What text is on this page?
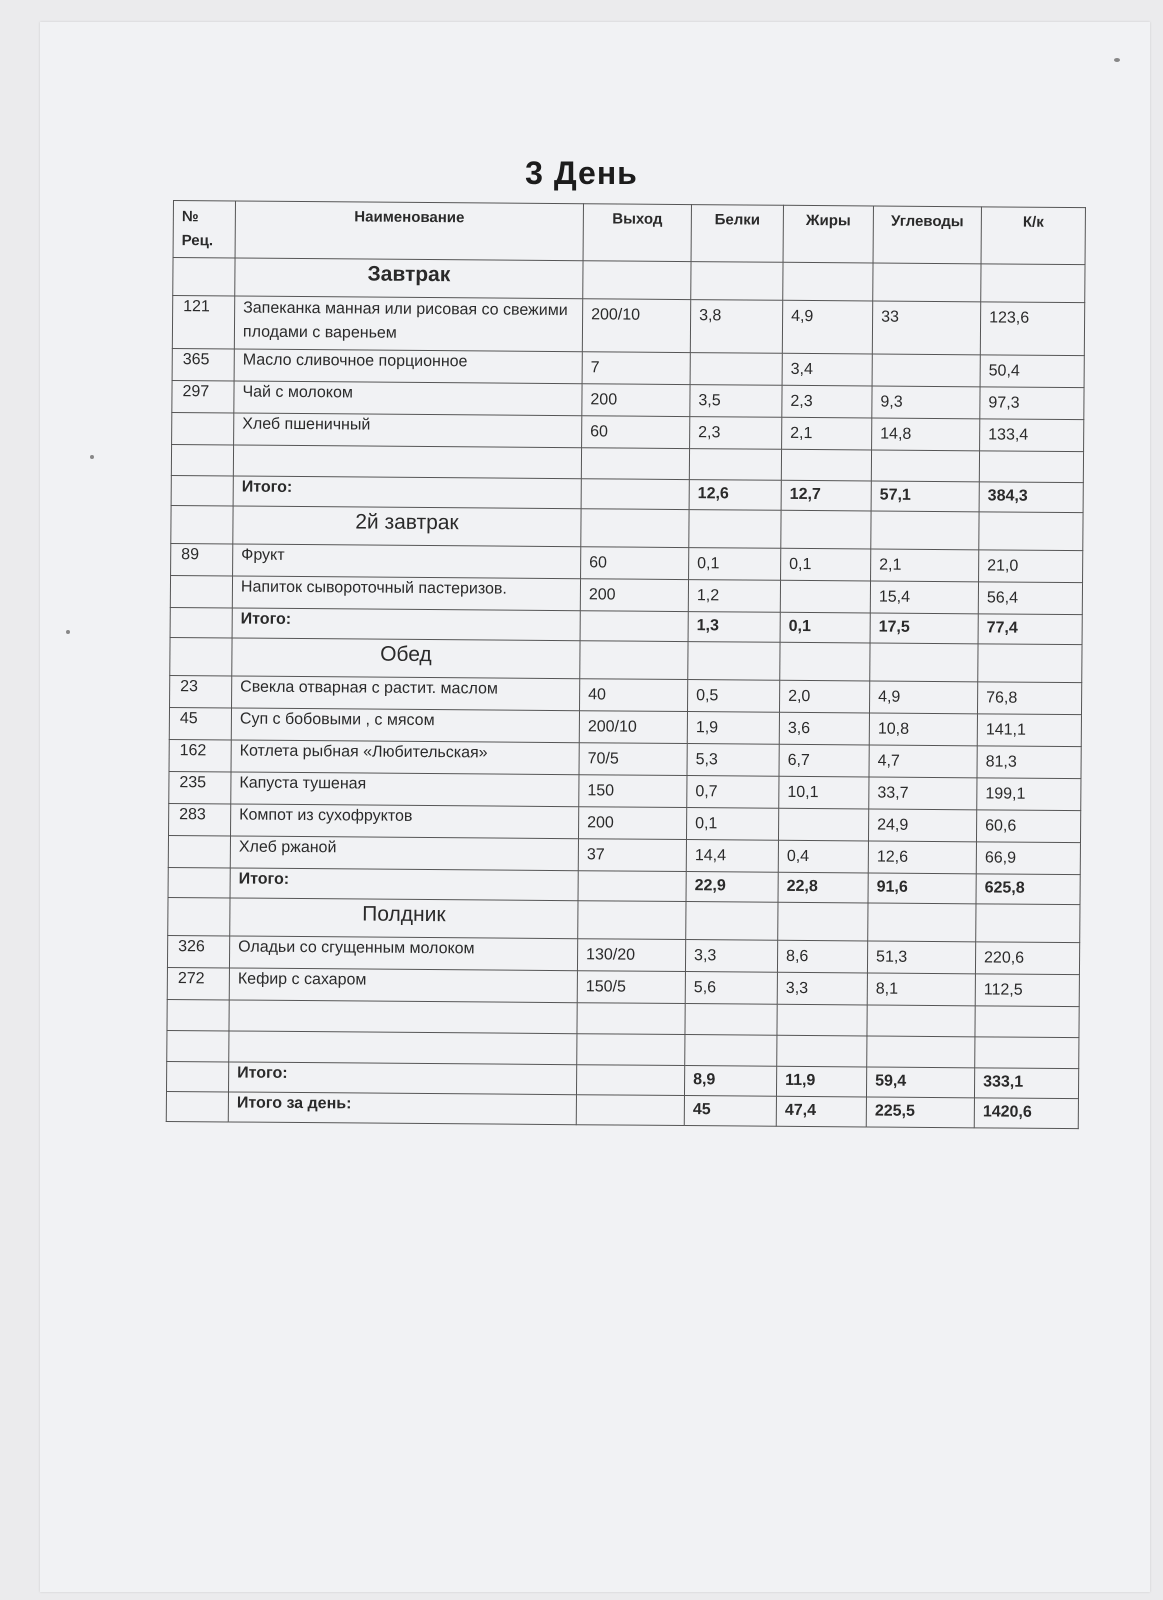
3 День
№ Рец.	Наименование	Выход	Белки	Жиры	Углеводы	К/к
	Завтрак					
121	Запеканка манная или рисовая со свежими плодами с вареньем	200/10	3,8	4,9	33	123,6
365	Масло сливочное порционное	7		3,4		50,4
297	Чай с молоком	200	3,5	2,3	9,3	97,3
	Хлеб пшеничный	60	2,3	2,1	14,8	133,4

	Итого:		12,6	12,7	57,1	384,3
	2й завтрак					
89	Фрукт	60	0,1	0,1	2,1	21,0
	Напиток сывороточный пастеризов.	200	1,2		15,4	56,4
	Итого:		1,3	0,1	17,5	77,4
	Обед					
23	Свекла отварная с растит. маслом	40	0,5	2,0	4,9	76,8
45	Суп с бобовыми , с мясом	200/10	1,9	3,6	10,8	141,1
162	Котлета рыбная «Любительская»	70/5	5,3	6,7	4,7	81,3
235	Капуста тушеная	150	0,7	10,1	33,7	199,1
283	Компот из сухофруктов	200	0,1		24,9	60,6
	Хлеб ржаной	37	14,4	0,4	12,6	66,9
	Итого:		22,9	22,8	91,6	625,8
	Полдник					
326	Оладьи со сгущенным молоком	130/20	3,3	8,6	51,3	220,6
272	Кефир с сахаром	150/5	5,6	3,3	8,1	112,5

	Итого:		8,9	11,9	59,4	333,1
	Итого за день:		45	47,4	225,5	1420,6
